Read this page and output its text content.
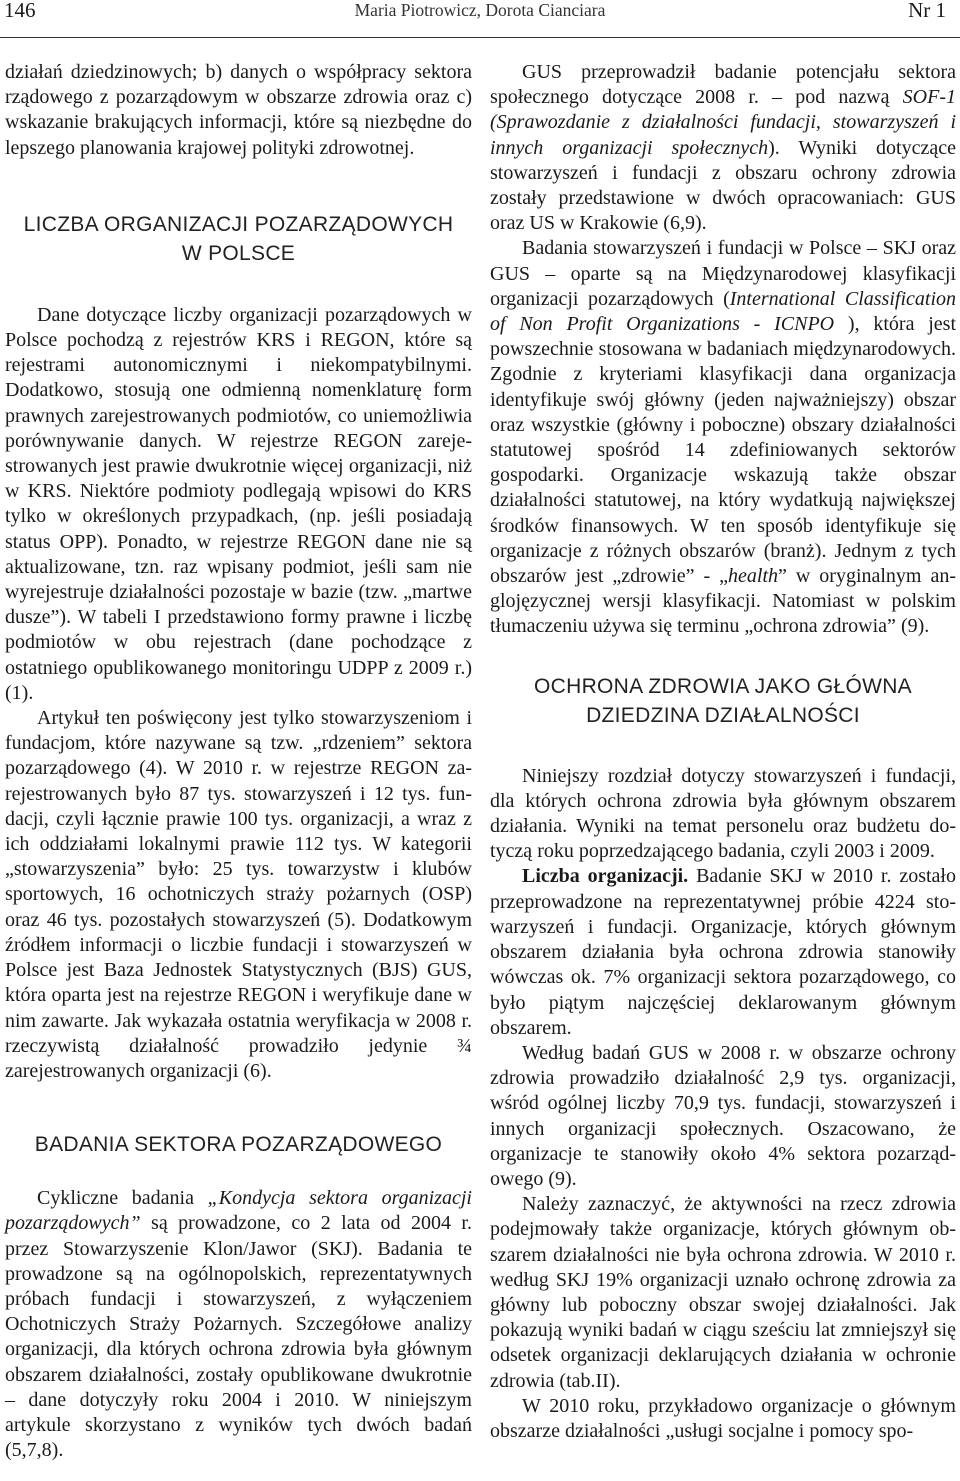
146	Maria Piotrowicz, Dorota Cianciara	Nr 1

działań dziedzinowych; b) danych o współpracy sektora rządowego z pozarządowym w obszarze zdrowia oraz c) wskazanie brakujących informacji, które są niezbędne do lepszego planowania krajowej polityki zdrowotnej.

LICZBA ORGANIZACJI POZARZĄDOWYCH
W POLSCE

Dane dotyczące liczby organizacji pozarządowych w Polsce pochodzą z rejestrów KRS i REGON, które są rejestrami autonomicznymi i niekompatybilnymi. Dodatkowo, stosują one odmienną nomenklaturę form prawnych zarejestrowanych podmiotów, co uniemożliwia porównywanie danych. W rejestrze REGON zarejestrowanych jest prawie dwukrotnie więcej organizacji, niż w KRS. Niektóre podmioty podlegają wpisowi do KRS tylko w określonych przypadkach, (np. jeśli posiadają status OPP). Ponadto, w rejestrze REGON dane nie są aktualizowane, tzn. raz wpisany podmiot, jeśli sam nie wyrejestruje działalności pozostaje w bazie (tzw. „martwe dusze”). W tabeli I przedstawiono formy prawne i liczbę podmiotów w obu rejestrach (dane pochodzące z ostatniego opublikowanego monitoringu UDPP z 2009 r.) (1).

Artykuł ten poświęcony jest tylko stowarzyszeniom i fundacjom, które nazywane są tzw. „rdzeniem” sektora pozarządowego (4). W 2010 r. w rejestrze REGON zarejestrowanych było 87 tys. stowarzyszeń i 12 tys. fundacji, czyli łącznie prawie 100 tys. organizacji, a wraz z ich oddziałami lokalnymi prawie 112 tys. W kategorii „stowarzyszenia” było: 25 tys. towarzystw i klubów sportowych, 16 ochotniczych straży pożarnych (OSP) oraz 46 tys. pozostałych stowarzyszeń (5). Dodatkowym źródłem informacji o liczbie fundacji i stowarzyszeń w Polsce jest Baza Jednostek Statystycznych (BJS) GUS, która oparta jest na rejestrze REGON i weryfikuje dane w nim zawarte. Jak wykazała ostatnia weryfikacja w 2008 r. rzeczywistą działalność prowadziło jedynie ¾ zarejestrowanych organizacji (6).

BADANIA SEKTORA POZARZĄDOWEGO

Cykliczne badania „Kondycja sektora organizacji pozarządowych” są prowadzone, co 2 lata od 2004 r. przez Stowarzyszenie Klon/Jawor (SKJ). Badania te prowadzone są na ogólnopolskich, reprezentatywnych próbach fundacji i stowarzyszeń, z wyłączeniem Ochotniczych Straży Pożarnych. Szczegółowe analizy organizacji, dla których ochrona zdrowia była głównym obszarem działalności, zostały opublikowane dwukrotnie – dane dotyczyły roku 2004 i 2010. W niniejszym artykule skorzystano z wyników tych dwóch badań (5,7,8).

GUS przeprowadził badanie potencjału sektora społecznego dotyczące 2008 r. – pod nazwą SOF-1 (Sprawozdanie z działalności fundacji, stowarzyszeń i innych organizacji społecznych). Wyniki dotyczące stowarzyszeń i fundacji z obszaru ochrony zdrowia zostały przedstawione w dwóch opracowaniach: GUS oraz US w Krakowie (6,9).

Badania stowarzyszeń i fundacji w Polsce – SKJ oraz GUS – oparte są na Międzynarodowej klasyfikacji organizacji pozarządowych (International Classification of Non Profit Organizations - ICNPO ), która jest powszechnie stosowana w badaniach międzynarodowych. Zgodnie z kryteriami klasyfikacji dana organizacja identyfikuje swój główny (jeden najważniejszy) obszar oraz wszystkie (główny i poboczne) obszary działalności statutowej spośród 14 zdefiniowanych sektorów gospodarki. Organizacje wskazują także obszar działalności statutowej, na który wydatkują największej środków finansowych. W ten sposób identyfikuje się organizacje z różnych obszarów (branż). Jednym z tych obszarów jest „zdrowie” - „health” w oryginalnym anglojęzycznej wersji klasyfikacji. Natomiast w polskim tłumaczeniu używa się terminu „ochrona zdrowia” (9).

OCHRONA ZDROWIA JAKO GŁÓWNA
DZIEDZINA DZIAŁALNOŚCI

Niniejszy rozdział dotyczy stowarzyszeń i fundacji, dla których ochrona zdrowia była głównym obszarem działania. Wyniki na temat personelu oraz budżetu dotyczą roku poprzedzającego badania, czyli 2003 i 2009.

Liczba organizacji. Badanie SKJ w 2010 r. zostało przeprowadzone na reprezentatywnej próbie 4224 stowarzyszeń i fundacji. Organizacje, których głównym obszarem działania była ochrona zdrowia stanowiły wówczas ok. 7% organizacji sektora pozarządowego, co było piątym najczęściej deklarowanym głównym obszarem.

Według badań GUS w 2008 r. w obszarze ochrony zdrowia prowadziło działalność 2,9 tys. organizacji, wśród ogólnej liczby 70,9 tys. fundacji, stowarzyszeń i innych organizacji społecznych. Oszacowano, że organizacje te stanowiły około 4% sektora pozarządowego (9).

Należy zaznaczyć, że aktywności na rzecz zdrowia podejmowały także organizacje, których głównym obszarem działalności nie była ochrona zdrowia. W 2010 r. według SKJ 19% organizacji uznało ochronę zdrowia za główny lub poboczny obszar swojej działalności. Jak pokazują wyniki badań w ciągu sześciu lat zmniejszył się odsetek organizacji deklarujących działania w ochronie zdrowia (tab.II).

W 2010 roku, przykładowo organizacje o głównym obszarze działalności „usługi socjalne i pomocy spo-
